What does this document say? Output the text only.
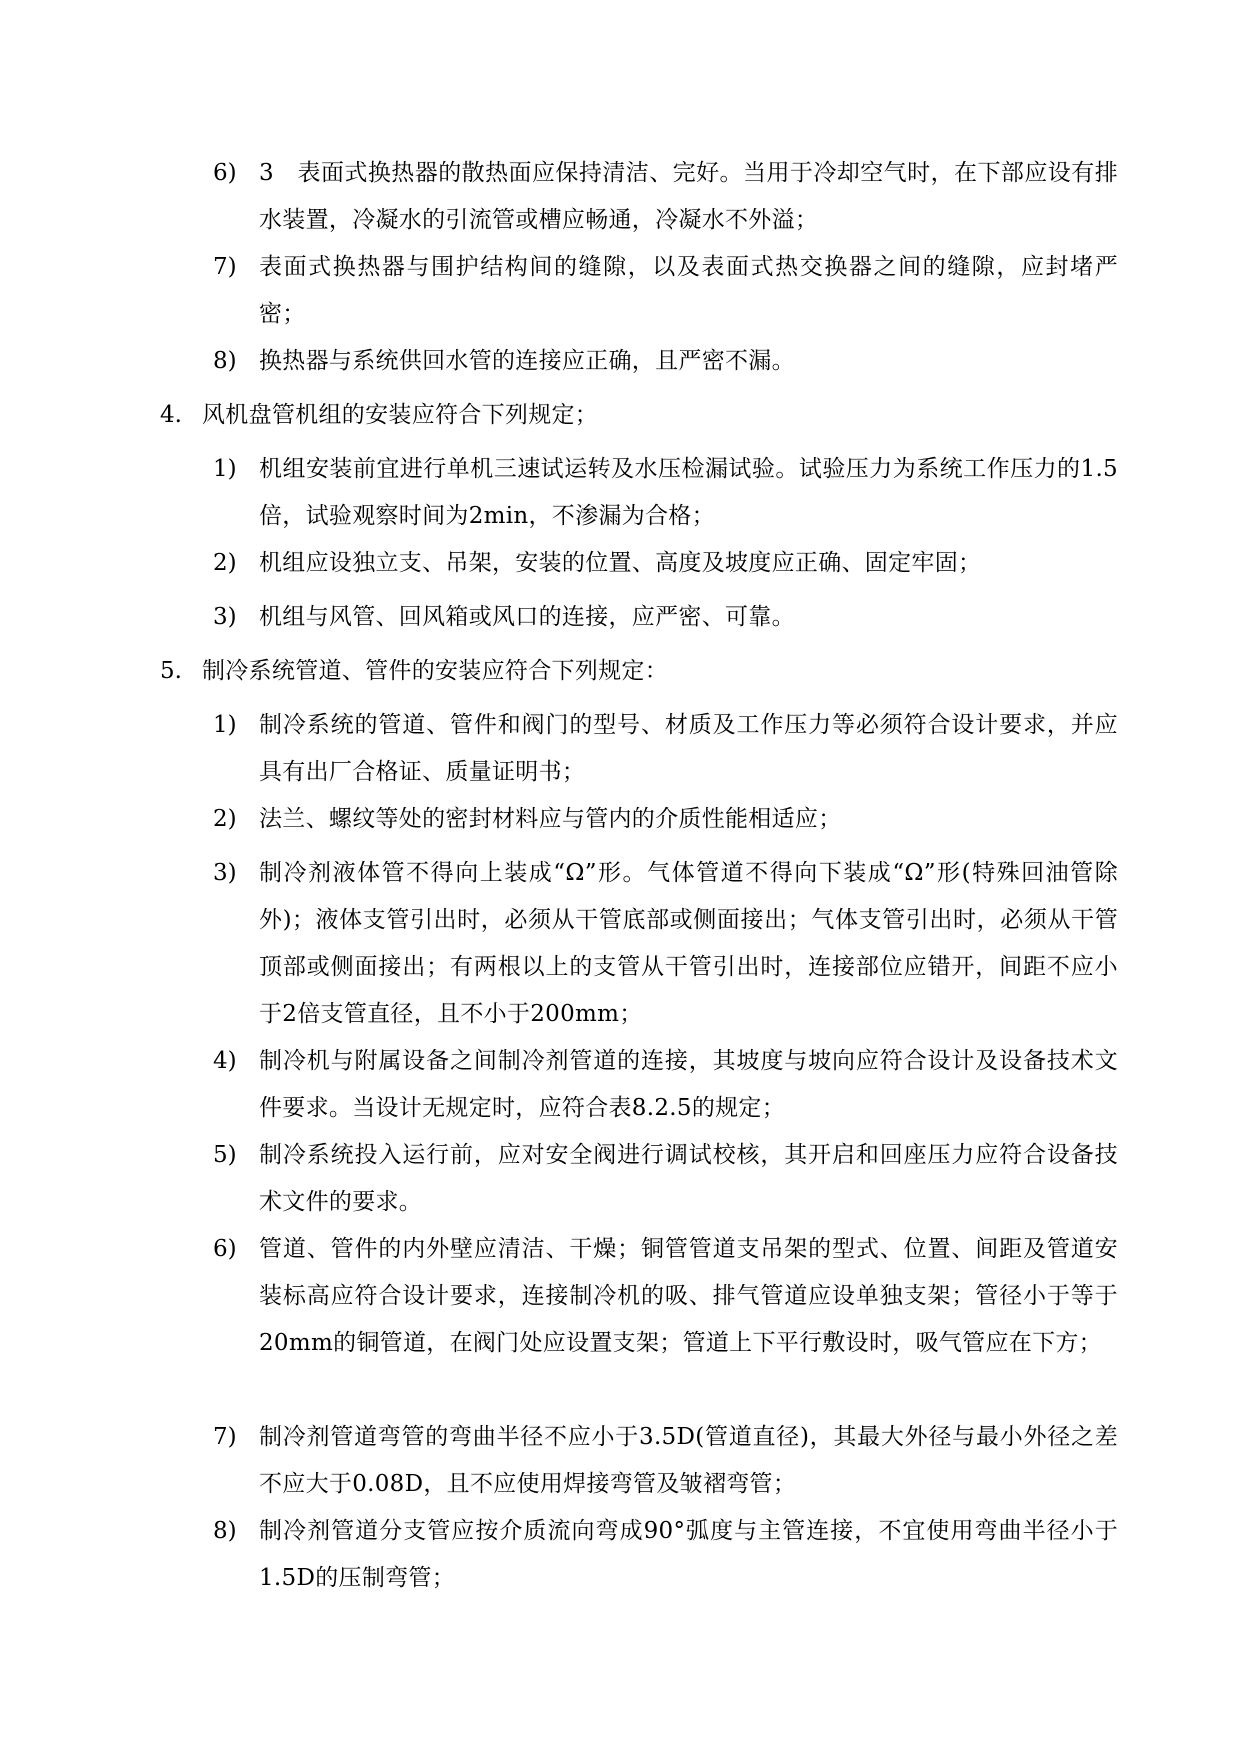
6) 3　表面式换热器的散热面应保持清洁、完好。当用于冷却空气时，在下部应设有排水装置，冷凝水的引流管或槽应畅通，冷凝水不外溢；
7) 表面式换热器与围护结构间的缝隙，以及表面式热交换器之间的缝隙，应封堵严密；
8) 换热器与系统供回水管的连接应正确，且严密不漏。
4. 风机盘管机组的安装应符合下列规定；
1) 机组安装前宜进行单机三速试运转及水压检漏试验。试验压力为系统工作压力的1.5倍，试验观察时间为2min，不渗漏为合格；
2) 机组应设独立支、吊架，安装的位置、高度及坡度应正确、固定牢固；
3) 机组与风管、回风箱或风口的连接，应严密、可靠。
5. 制冷系统管道、管件的安装应符合下列规定：
1) 制冷系统的管道、管件和阀门的型号、材质及工作压力等必须符合设计要求，并应具有出厂合格证、质量证明书；
2) 法兰、螺纹等处的密封材料应与管内的介质性能相适应；
3) 制冷剂液体管不得向上装成“Ω”形。气体管道不得向下装成“Ω”形(特殊回油管除外)；液体支管引出时，必须从干管底部或侧面接出；气体支管引出时，必须从干管顶部或侧面接出；有两根以上的支管从干管引出时，连接部位应错开，间距不应小于2倍支管直径，且不小于200mm；
4) 制冷机与附属设备之间制冷剂管道的连接，其坡度与坡向应符合设计及设备技术文件要求。当设计无规定时，应符合表8.2.5的规定；
5) 制冷系统投入运行前，应对安全阀进行调试校核，其开启和回座压力应符合设备技术文件的要求。
6) 管道、管件的内外壁应清洁、干燥；铜管管道支吊架的型式、位置、间距及管道安装标高应符合设计要求，连接制冷机的吸、排气管道应设单独支架；管径小于等于20mm的铜管道，在阀门处应设置支架；管道上下平行敷设时，吸气管应在下方；
7) 制冷剂管道弯管的弯曲半径不应小于3.5D(管道直径)，其最大外径与最小外径之差不应大于0.08D，且不应使用焊接弯管及皱褶弯管；
8) 制冷剂管道分支管应按介质流向弯成90°弧度与主管连接，不宜使用弯曲半径小于1.5D的压制弯管；
